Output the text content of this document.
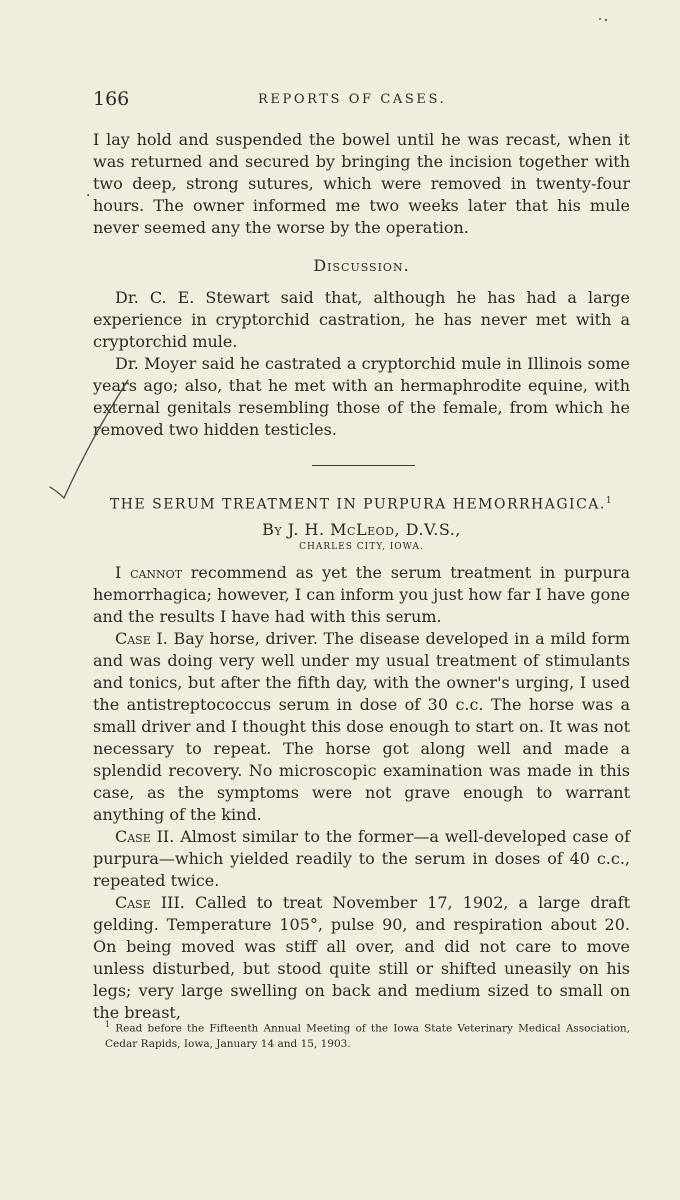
166	REPORTS OF CASES.
.

I lay hold and suspended the bowel until he was recast, when it was returned and secured by bringing the incision together with two deep, strong sutures, which were removed in twenty-four hours. The owner informed me two weeks later that his mule never seemed any the worse by the operation.

Discussion.

Dr. C. E. Stewart said that, although he has had a large experience in cryptorchid castration, he has never met with a cryptorchid mule.

Dr. Moyer said he castrated a cryptorchid mule in Illinois some years ago; also, that he met with an hermaphrodite equine, with external genitals resembling those of the female, from which he removed two hidden testicles.

THE SERUM TREATMENT IN PURPURA HEMORRHAGICA.$^1$
By J. H. McLeod, D.V.S.,
CHARLES CITY, IOWA.

I cannot recommend as yet the serum treatment in purpura hemorrhagica; however, I can inform you just how far I have gone and the results I have had with this serum.

Case I. Bay horse, driver. The disease developed in a mild form and was doing very well under my usual treatment of stimulants and tonics, but after the fifth day, with the owner's urging, I used the antistreptococcus serum in dose of 30 c.c. The horse was a small driver and I thought this dose enough to start on. It was not necessary to repeat. The horse got along well and made a splendid recovery. No microscopic examination was made in this case, as the symptoms were not grave enough to warrant anything of the kind.

Case II. Almost similar to the former—a well-developed case of purpura—which yielded readily to the serum in doses of 40 c.c., repeated twice.

Case III. Called to treat November 17, 1902, a large draft gelding. Temperature 105°, pulse 90, and respiration about 20. On being moved was stiff all over, and did not care to move unless disturbed, but stood quite still or shifted uneasily on his legs; very large swelling on back and medium sized to small on the breast,

$^1$ Read before the Fifteenth Annual Meeting of the Iowa State Veterinary Medical Association, Cedar Rapids, Iowa, January 14 and 15, 1903.
